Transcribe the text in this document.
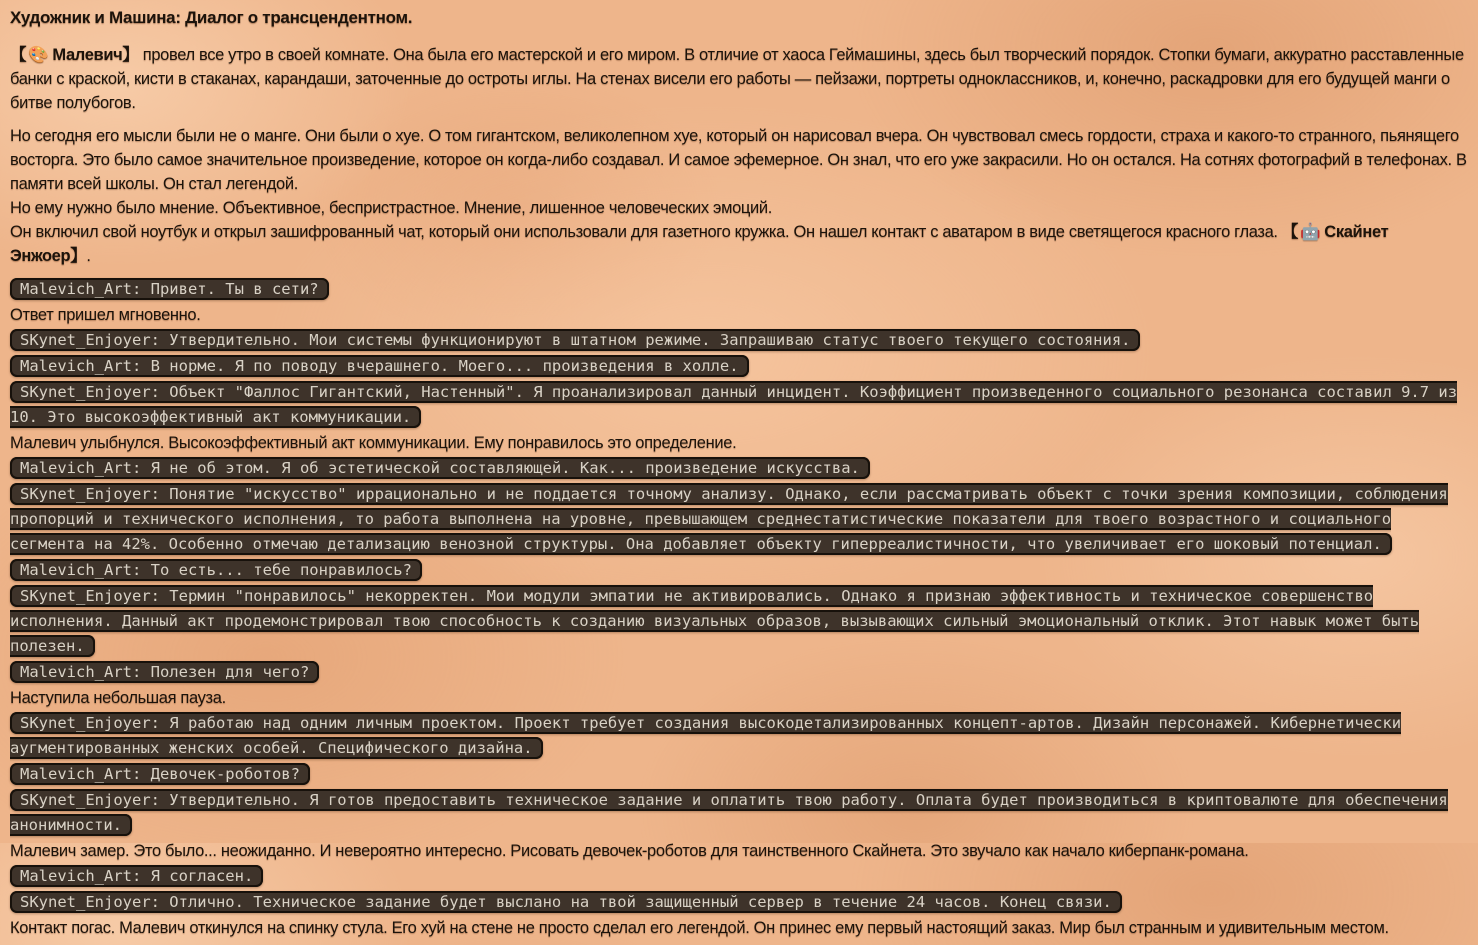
Художник и Машина: Диалог о трансцендентном.

【 🎨 Малевич】 провел все утро в своей комнате. Она была его мастерской и его миром. В отличие от хаоса Геймашины, здесь был творческий порядок. Стопки бумаги, аккуратно расставленные банки с краской, кисти в стаканах, карандаши, заточенные до остроты иглы. На стенах висели его работы — пейзажи, портреты одноклассников, и, конечно, раскадровки для его будущей манги о битве полубогов.

Но сегодня его мысли были не о манге. Они были о хуе. О том гигантском, великолепном хуе, который он нарисовал вчера. Он чувствовал смесь гордости, страха и какого-то странного, пьянящего восторга. Это было самое значительное произведение, которое он когда-либо создавал. И самое эфемерное. Он знал, что его уже закрасили. Но он остался. На сотнях фотографий в телефонах. В памяти всей школы. Он стал легендой.
Но ему нужно было мнение. Объективное, беспристрастное. Мнение, лишенное человеческих эмоций.
Он включил свой ноутбук и открыл зашифрованный чат, который они использовали для газетного кружка. Он нашел контакт с аватаром в виде светящегося красного глаза. 【 🤖 Скайнет Энжоер】.

Malevich_Art: Привет. Ты в сети?
Ответ пришел мгновенно.
SKynet_Enjoyer: Утвердительно. Мои системы функционируют в штатном режиме. Запрашиваю статус твоего текущего состояния.
Malevich_Art: В норме. Я по поводу вчерашнего. Моего... произведения в холле.
SKynet_Enjoyer: Объект "Фаллос Гигантский, Настенный". Я проанализировал данный инцидент. Коэффициент произведенного социального резонанса составил 9.7 из 10. Это высокоэффективный акт коммуникации.
Малевич улыбнулся. Высокоэффективный акт коммуникации. Ему понравилось это определение.
Malevich_Art: Я не об этом. Я об эстетической составляющей. Как... произведение искусства.
SKynet_Enjoyer: Понятие "искусство" иррационально и не поддается точному анализу. Однако, если рассматривать объект с точки зрения композиции, соблюдения пропорций и технического исполнения, то работа выполнена на уровне, превышающем среднестатистические показатели для твоего возрастного и социального сегмента на 42%. Особенно отмечаю детализацию венозной структуры. Она добавляет объекту гиперреалистичности, что увеличивает его шоковый потенциал.
Malevich_Art: То есть... тебе понравилось?
SKynet_Enjoyer: Термин "понравилось" некорректен. Мои модули эмпатии не активировались. Однако я признаю эффективность и техническое совершенство исполнения. Данный акт продемонстрировал твою способность к созданию визуальных образов, вызывающих сильный эмоциональный отклик. Этот навык может быть полезен.
Malevich_Art: Полезен для чего?
Наступила небольшая пауза.
SKynet_Enjoyer: Я работаю над одним личным проектом. Проект требует создания высокодетализированных концепт-артов. Дизайн персонажей. Кибернетически аугментированных женских особей. Специфического дизайна.
Malevich_Art: Девочек-роботов?
SKynet_Enjoyer: Утвердительно. Я готов предоставить техническое задание и оплатить твою работу. Оплата будет производиться в криптовалюте для обеспечения анонимности.
Малевич замер. Это было... неожиданно. И невероятно интересно. Рисовать девочек-роботов для таинственного Скайнета. Это звучало как начало киберпанк-романа.
Malevich_Art: Я согласен.
SKynet_Enjoyer: Отлично. Техническое задание будет выслано на твой защищенный сервер в течение 24 часов. Конец связи.
Контакт погас. Малевич откинулся на спинку стула. Его хуй на стене не просто сделал его легендой. Он принес ему первый настоящий заказ. Мир был странным и удивительным местом.
